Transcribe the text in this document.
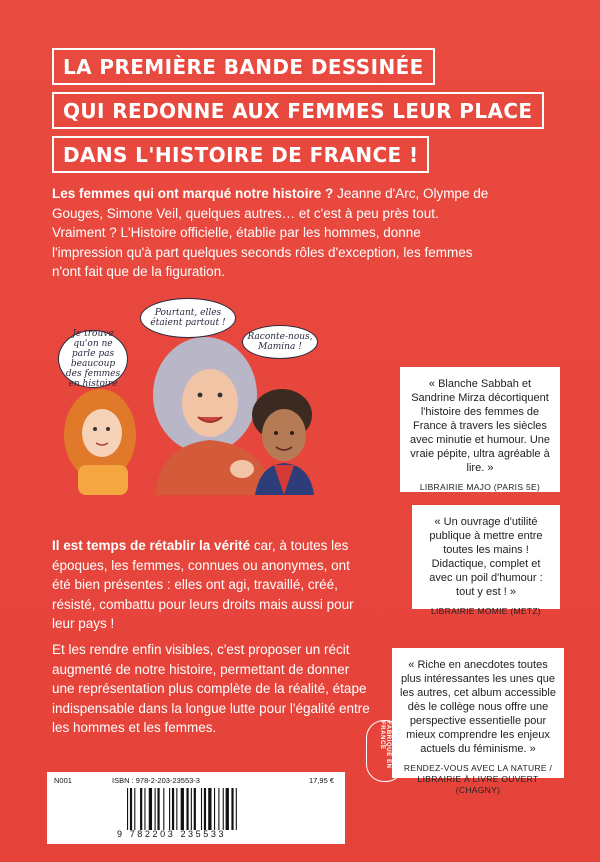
LA PREMIÈRE BANDE DESSINÉE
QUI REDONNE AUX FEMMES LEUR PLACE
DANS L'HISTOIRE DE FRANCE !

Les femmes qui ont marqué notre histoire ? Jeanne d'Arc, Olympe de Gouges, Simone Veil, quelques autres… et c'est à peu près tout. Vraiment ? L'Histoire officielle, établie par les hommes, donne l'impression qu'à part quelques seconds rôles d'exception, les femmes n'ont fait que de la figuration.

Je trouve qu'on ne parle pas beaucoup des femmes en histoire
Pourtant, elles étaient partout !
Raconte-nous, Mamina !
« Blanche Sabbah et Sandrine Mirza décortiquent l'histoire des femmes de France à travers les siècles avec minutie et humour. Une vraie pépite, ultra agréable à lire. »
LIBRAIRIE MAJO (PARIS 5E)

Il est temps de rétablir la vérité car, à toutes les époques, les femmes, connues ou anonymes, ont été bien présentes : elles ont agi, travaillé, créé, résisté, combattu pour leurs droits mais aussi pour leur pays !

« Un ouvrage d'utilité publique à mettre entre toutes les mains ! Didactique, complet et avec un poil d'humour : tout y est ! »
LIBRAIRIE MOMIE (METZ)

Et les rendre enfin visibles, c'est proposer un récit augmenté de notre histoire, permettant de donner une représentation plus complète de la réalité, étape indispensable dans la longue lutte pour l'égalité entre les hommes et les femmes.

« Riche en anecdotes toutes plus intéressantes les unes que les autres, cet album accessible dès le collège nous offre une perspective essentielle pour mieux comprendre les enjeux actuels du féminisme. »
RENDEZ-VOUS AVEC LA NATURE / LIBRAIRIE À LIVRE OUVERT (CHAGNY)
FABRIQUÉ EN FRANCE
N001	ISBN : 978-2-203-23553-3	17,95 €
9 782203 235533
